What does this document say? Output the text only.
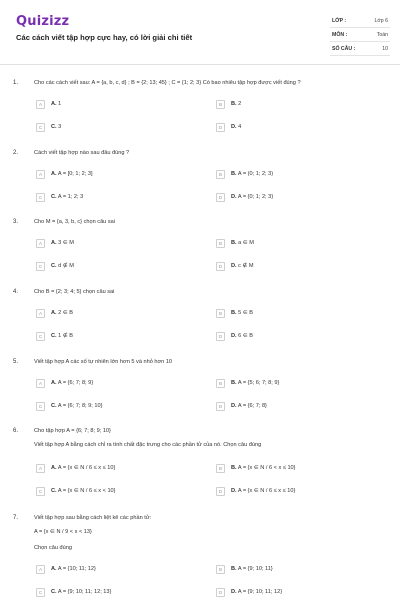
Quizizz
Các cách viết tập hợp cực hay, có lời giải chi tiết
LỚP :	Lớp 6
MÔN :	Toán
SỐ CÂU :	10
1.	Cho các cách viết sau: A = {a, b, c, d} ; B = {2; 13; 45} ; C = {1; 2; 3} Có bao nhiêu tập hợp được viết đúng ?
A	A. 1	B	B. 2
C	C. 3	D	D. 4
2.	Cách viết tập hợp nào sau đâu đúng ?
A	A. A = [0; 1; 2; 3]	B	B. A = (0; 1; 2; 3)
C	C. A = 1; 2; 3	D	D. A = {0; 1; 2; 3}
3.	Cho M = {a, 3, b, c} chọn câu sai
A	A. 3 ∈ M	B	B. a ∈ M
C	C. d ∉ M	D	D. c ∉ M
4.	Cho B = {2; 3; 4; 5} chọn câu sai
A	A. 2 ∈ B	B	B. 5 ∈ B
C	C. 1 ∉ B	D	D. 6 ∈ B
5.	Viết tập hợp A các số tự nhiên lớn hơn 5 và nhỏ hơn 10
A	A. A = {6; 7; 8; 9}	B	B. A = {5; 6; 7; 8; 9}
C	C. A = {6; 7; 8; 9; 10}	D	D. A = {6; 7; 8}
6.	Cho tập hợp A = {6; 7; 8; 9; 10}
Viết tập hợp A bằng cách chỉ ra tính chất đặc trưng cho các phần tử của nó. Chọn câu đúng
A	A. A = {x ∈ N / 6 ≤ x ≤ 10}	B	B. A = {x ∈ N / 6 < x ≤ 10}
C	C. A = {x ∈ N / 6 ≤ x < 10}	D	D. A = {x ∈ N / 6 ≤ x ≤ 10}
7.	Viết tập hợp sau bằng cách liệt kê các phần tử:
A = {x ∈ N / 9 < x < 13}
Chọn câu đúng
A	A. A = {10; 11; 12}	B	B. A = {9; 10; 11}
C	C. A = {9; 10; 11; 12; 13}	D	D. A = {9; 10; 11; 12}
